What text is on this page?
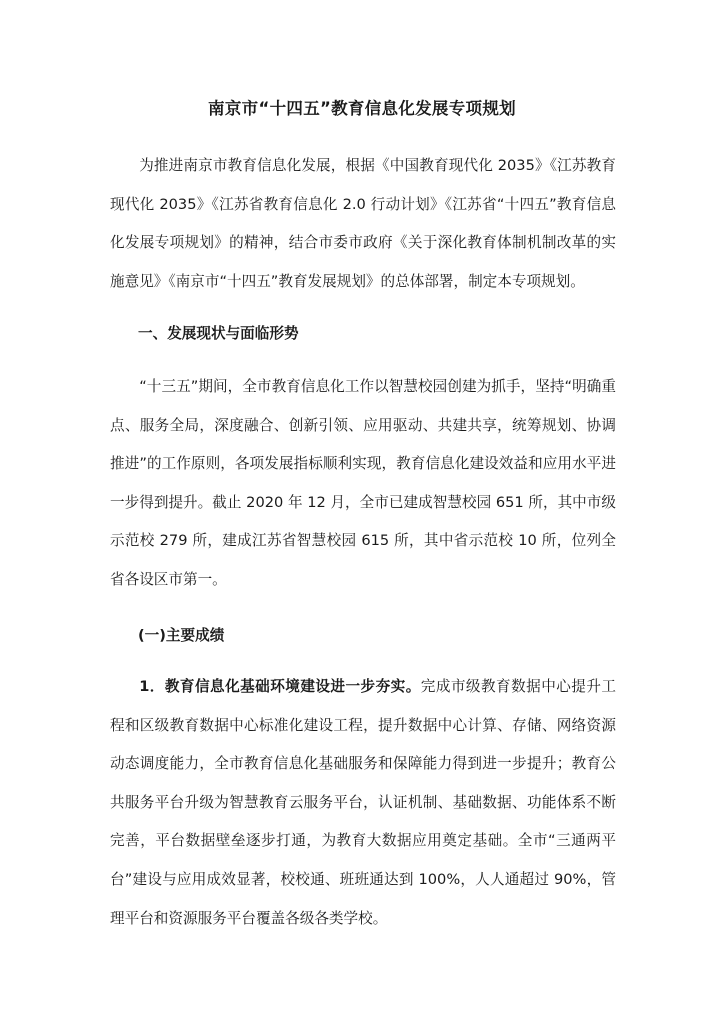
南京市“十四五”教育信息化发展专项规划

为推进南京市教育信息化发展，根据《中国教育现代化 2035》《江苏教育现代化 2035》《江苏省教育信息化 2.0 行动计划》《江苏省“十四五”教育信息化发展专项规划》的精神，结合市委市政府《关于深化教育体制机制改革的实施意见》《南京市“十四五”教育发展规划》的总体部署，制定本专项规划。

一、发展现状与面临形势

“十三五”期间，全市教育信息化工作以智慧校园创建为抓手，坚持“明确重点、服务全局，深度融合、创新引领、应用驱动、共建共享，统筹规划、协调推进”的工作原则，各项发展指标顺利实现，教育信息化建设效益和应用水平进一步得到提升。截止 2020 年 12 月，全市已建成智慧校园 651 所，其中市级示范校 279 所，建成江苏省智慧校园 615 所，其中省示范校 10 所，位列全省各设区市第一。

(一)主要成绩

1．教育信息化基础环境建设进一步夯实。完成市级教育数据中心提升工程和区级教育数据中心标准化建设工程，提升数据中心计算、存储、网络资源动态调度能力，全市教育信息化基础服务和保障能力得到进一步提升；教育公共服务平台升级为智慧教育云服务平台，认证机制、基础数据、功能体系不断完善，平台数据壁垒逐步打通，为教育大数据应用奠定基础。全市“三通两平台”建设与应用成效显著，校校通、班班通达到 100%，人人通超过 90%，管理平台和资源服务平台覆盖各级各类学校。
